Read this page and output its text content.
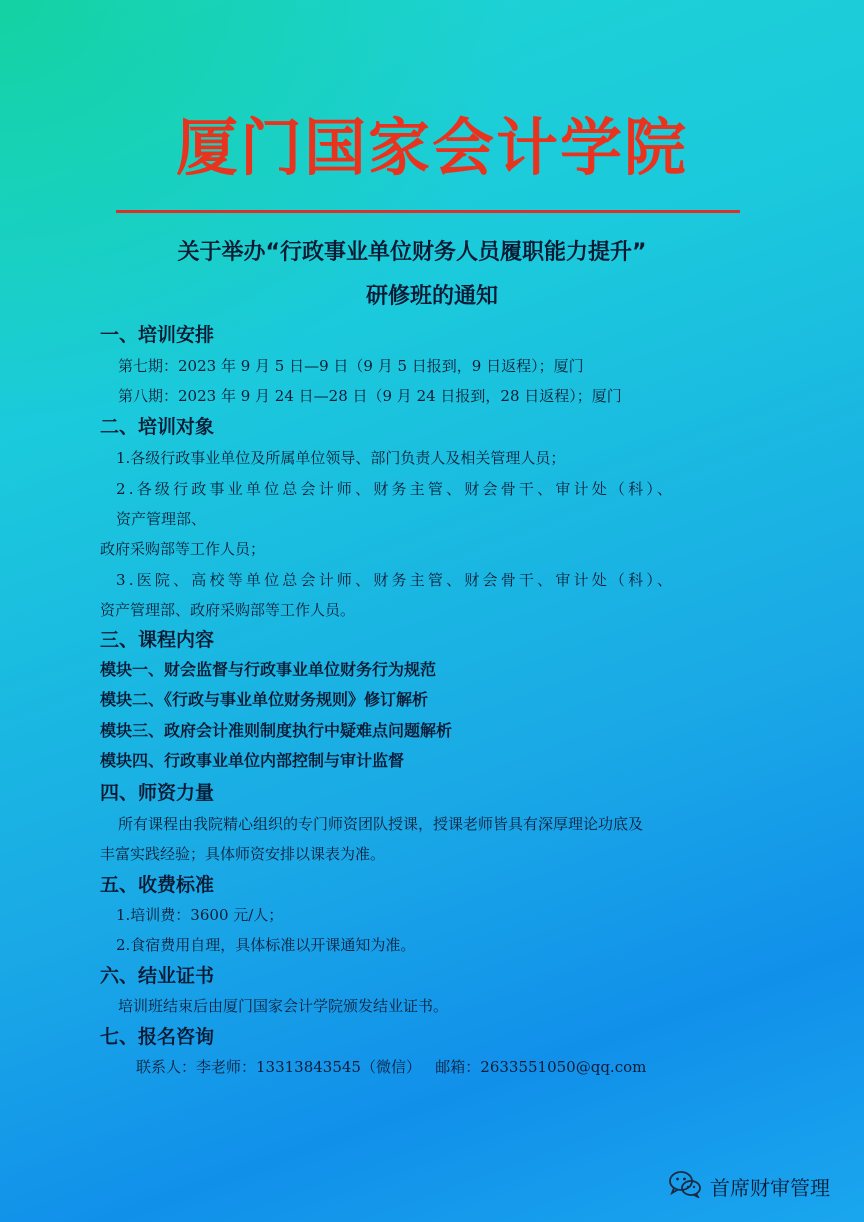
厦门国家会计学院
关于举办“行政事业单位财务人员履职能力提升”
研修班的通知
一、培训安排
第七期：2023 年 9 月 5 日—9 日（9 月 5 日报到，9 日返程）；厦门
第八期：2023 年 9 月 24 日—28 日（9 月 24 日报到，28 日返程）；厦门
二、培训对象
1.各级行政事业单位及所属单位领导、部门负责人及相关管理人员；
2.各级行政事业单位总会计师、财务主管、财会骨干、审计处（科）、
资产管理部、
政府采购部等工作人员；
3.医院、高校等单位总会计师、财务主管、财会骨干、审计处（科）、
资产管理部、政府采购部等工作人员。
三、课程内容
模块一、财会监督与行政事业单位财务行为规范
模块二、《行政与事业单位财务规则》修订解析
模块三、政府会计准则制度执行中疑难点问题解析
模块四、行政事业单位内部控制与审计监督
四、师资力量
所有课程由我院精心组织的专门师资团队授课，授课老师皆具有深厚理论功底及
丰富实践经验；具体师资安排以课表为准。
五、收费标准
1.培训费：3600 元/人；
2.食宿费用自理，具体标准以开课通知为准。
六、结业证书
培训班结束后由厦门国家会计学院颁发结业证书。
七、报名咨询
联系人：李老师：13313843545（微信）   邮箱：2633551050@qq.com
首席财审管理
